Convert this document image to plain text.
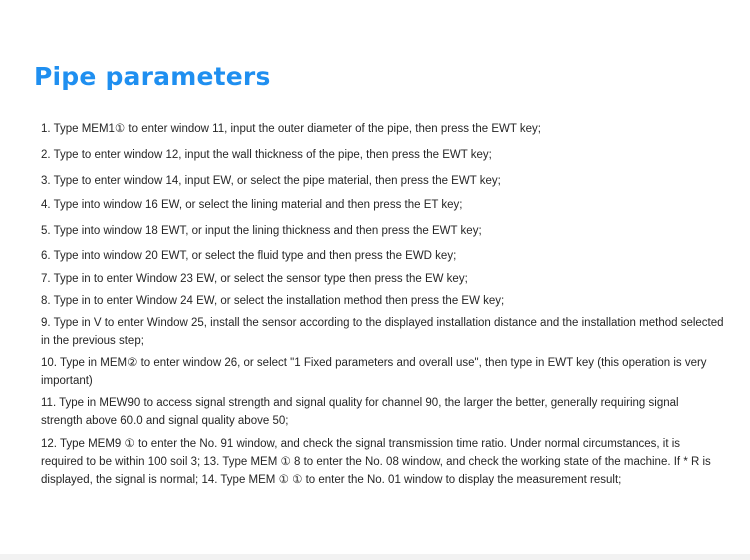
Pipe parameters
1. Type MEM1① to enter window 11, input the outer diameter of the pipe, then press the EWT key;
2. Type to enter window 12, input the wall thickness of the pipe, then press the EWT key;
3. Type to enter window 14, input EW, or select the pipe material, then press the EWT key;
4. Type into window 16 EW, or select the lining material and then press the ET key;
5. Type into window 18 EWT, or input the lining thickness and then press the EWT key;
6. Type into window 20 EWT, or select the fluid type and then press the EWD key;
7. Type in to enter Window 23 EW, or select the sensor type then press the EW key;
8. Type in to enter Window 24 EW, or select the installation method then press the EW key;
9. Type in V to enter Window 25, install the sensor according to the displayed installation distance and the installation method selected in the previous step;
10. Type in MEM② to enter window 26, or select "1 Fixed parameters and overall use", then type in EWT key (this operation is very important)
11. Type in MEW90 to access signal strength and signal quality for channel 90, the larger the better, generally requiring signal strength above 60.0 and signal quality above 50;
12. Type MEM9 ① to enter the No. 91 window, and check the signal transmission time ratio. Under normal circumstances, it is required to be within 100 soil 3; 13. Type MEM ① 8 to enter the No. 08 window, and check the working state of the machine. If * R is displayed, the signal is normal; 14. Type MEM ① ① to enter the No. 01 window to display the measurement result;
